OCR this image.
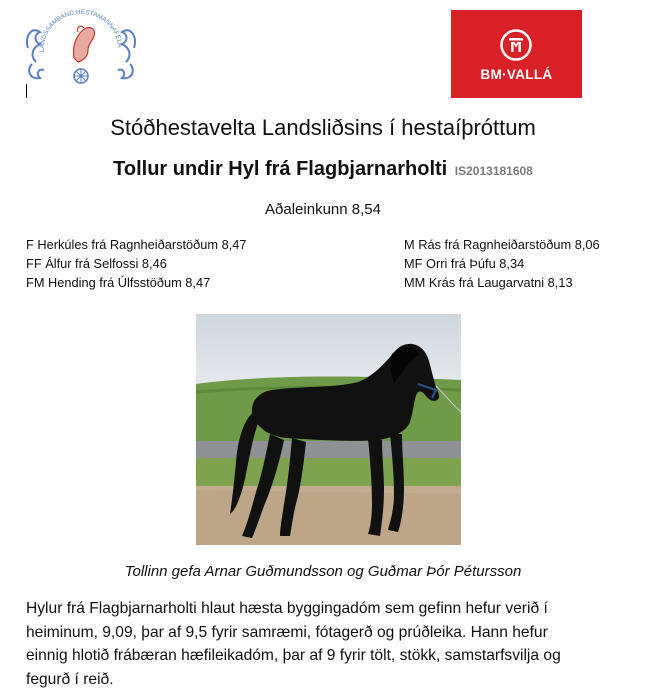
LANDSSAMBAND HESTAMANNAFÉLA
BM·VALLÁ
Stóðhestavelta Landsliðsins í hestaíþróttum
Tollur undir Hyl frá Flagbjarnarholti IS2013181608
Aðaleinkunn 8,54
F Herkúles frá Ragnheiðarstöðum 8,47
FF Álfur frá Selfossi 8,46
FM Hending frá Úlfsstöðum 8,47
M Rás frá Ragnheiðarstöðum 8,06
MF Orri frá Þúfu 8,34
MM Krás frá Laugarvatni 8,13
Tollinn gefa Arnar Guðmundsson og Guðmar Þór Pétursson
Hylur frá Flagbjarnarholti hlaut hæsta byggingadóm sem gefinn hefur verið í
heiminum, 9,09, þar af 9,5 fyrir samræmi, fótagerð og prúðleika. Hann hefur
einnig hlotið frábæran hæfileikadóm, þar af 9 fyrir tölt, stökk, samstarfsvilja og
fegurð í reið.
